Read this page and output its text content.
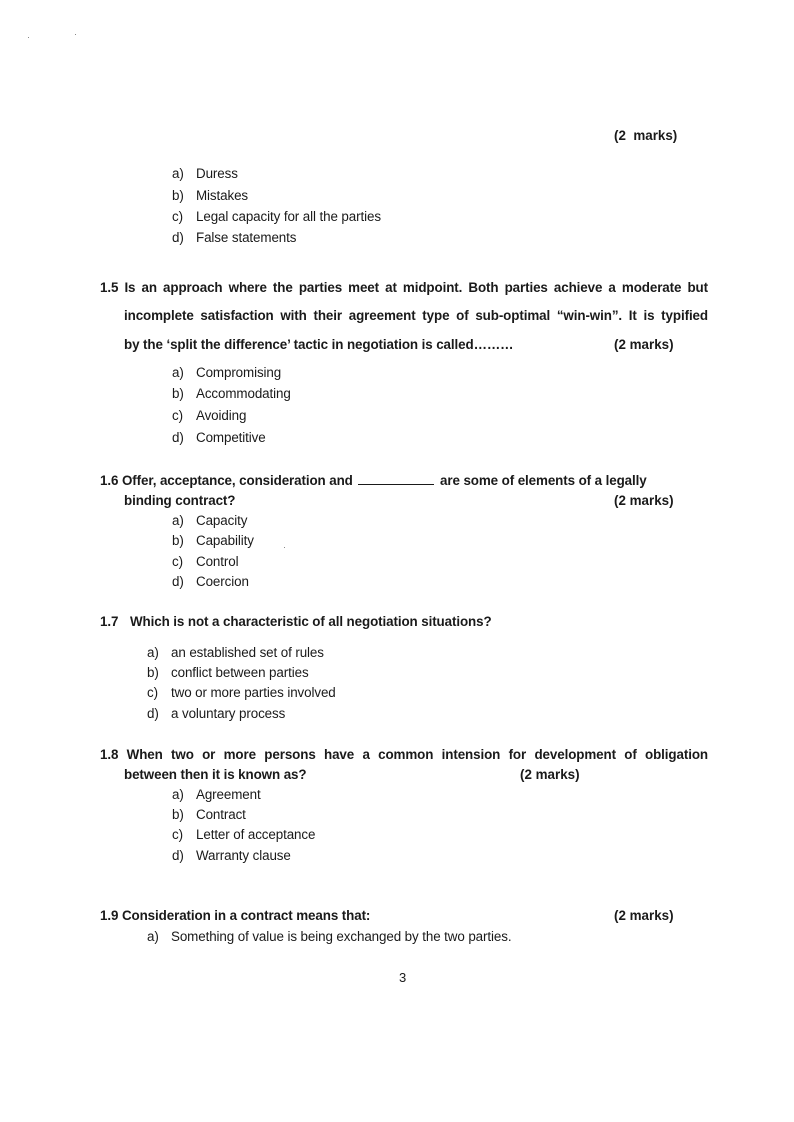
(2  marks)
a) Duress
b) Mistakes
c) Legal capacity for all the parties
d) False statements
1.5 Is an approach where the parties meet at midpoint. Both parties achieve a moderate but
incomplete satisfaction with their agreement type of sub-optimal “win-win”. It is typified
by the ‘split the difference’ tactic in negotiation is called………	(2 marks)
a) Compromising
b) Accommodating
c) Avoiding
d) Competitive
1.6 Offer, acceptance, consideration and	are some of elements of a legally
binding contract?	(2 marks)
a) Capacity
b) Capability
c) Control
d) Coercion
1.7 Which is not a characteristic of all negotiation situations?
a) an established set of rules
b) conflict between parties
c) two or more parties involved
d) a voluntary process
1.8 When two or more persons have a common intension for development of obligation
between then it is known as?	(2 marks)
a) Agreement
b) Contract
c) Letter of acceptance
d) Warranty clause
1.9 Consideration in a contract means that:	(2 marks)
a) Something of value is being exchanged by the two parties.
3
